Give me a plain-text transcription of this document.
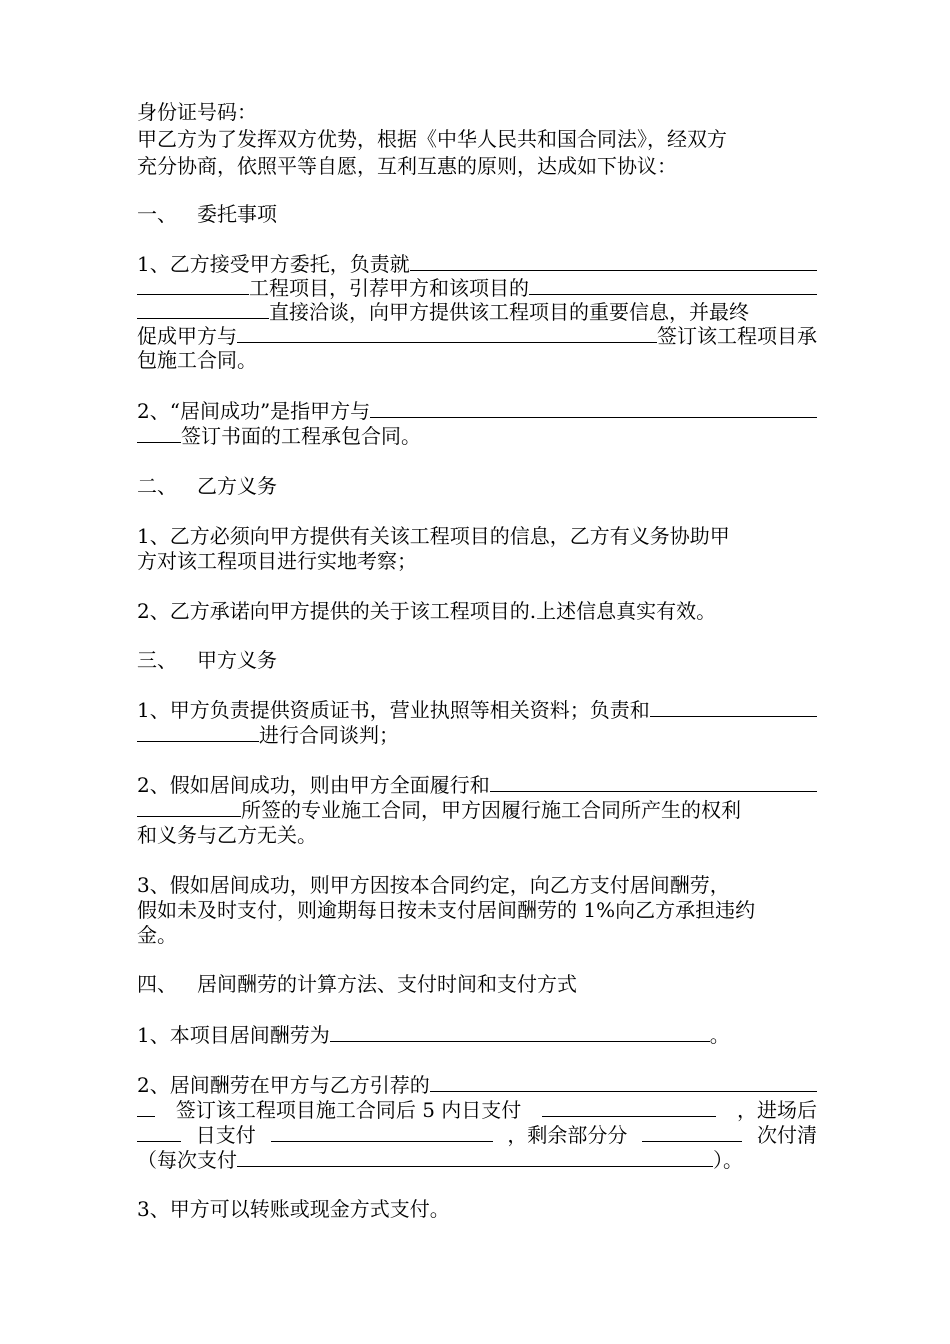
身份证号码：
甲乙方为了发挥双方优势，根据《中华人民共和国合同法》，经双方
充分协商，依照平等自愿，互利互惠的原则，达成如下协议：
一、 委托事项
1、乙方接受甲方委托，负责就
工程项目，引荐甲方和该项目的
直接洽谈，向甲方提供该工程项目的重要信息，并最终
促成甲方与	签订该工程项目承
包施工合同。
2、“居间成功”是指甲方与
签订书面的工程承包合同。
二、 乙方义务
1、乙方必须向甲方提供有关该工程项目的信息，乙方有义务协助甲
方对该工程项目进行实地考察；
2、乙方承诺向甲方提供的关于该工程项目的.上述信息真实有效。
三、 甲方义务
1、甲方负责提供资质证书，营业执照等相关资料；负责和
进行合同谈判；
2、假如居间成功，则由甲方全面履行和
所签的专业施工合同，甲方因履行施工合同所产生的权利
和义务与乙方无关。
3、假如居间成功，则甲方因按本合同约定，向乙方支付居间酬劳，
假如未及时支付，则逾期每日按未支付居间酬劳的 1%向乙方承担违约
金。
四、 居间酬劳的计算方法、支付时间和支付方式
1、本项目居间酬劳为	。
2、居间酬劳在甲方与乙方引荐的
签订该工程项目施工合同后 5 内日支付	，进场后
日支付	，剩余部分分	次付清
（每次支付	）。
3、甲方可以转账或现金方式支付。
